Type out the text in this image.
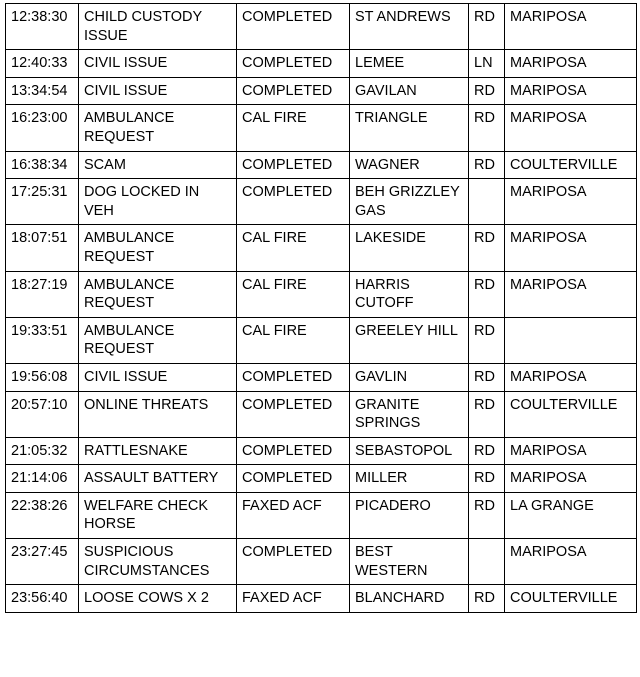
12:38:30	CHILD CUSTODY ISSUE	COMPLETED	ST ANDREWS	RD	MARIPOSA
12:40:33	CIVIL ISSUE	COMPLETED	LEMEE	LN	MARIPOSA
13:34:54	CIVIL ISSUE	COMPLETED	GAVILAN	RD	MARIPOSA
16:23:00	AMBULANCE REQUEST	CAL FIRE	TRIANGLE	RD	MARIPOSA
16:38:34	SCAM	COMPLETED	WAGNER	RD	COULTERVILLE
17:25:31	DOG LOCKED IN VEH	COMPLETED	BEH GRIZZLEY GAS		MARIPOSA
18:07:51	AMBULANCE REQUEST	CAL FIRE	LAKESIDE	RD	MARIPOSA
18:27:19	AMBULANCE REQUEST	CAL FIRE	HARRIS CUTOFF	RD	MARIPOSA
19:33:51	AMBULANCE REQUEST	CAL FIRE	GREELEY HILL	RD	
19:56:08	CIVIL ISSUE	COMPLETED	GAVLIN	RD	MARIPOSA
20:57:10	ONLINE THREATS	COMPLETED	GRANITE SPRINGS	RD	COULTERVILLE
21:05:32	RATTLESNAKE	COMPLETED	SEBASTOPOL	RD	MARIPOSA
21:14:06	ASSAULT BATTERY	COMPLETED	MILLER	RD	MARIPOSA
22:38:26	WELFARE CHECK HORSE	FAXED ACF	PICADERO	RD	LA GRANGE
23:27:45	SUSPICIOUS CIRCUMSTANCES	COMPLETED	BEST WESTERN		MARIPOSA
23:56:40	LOOSE COWS X 2	FAXED ACF	BLANCHARD	RD	COULTERVILLE
